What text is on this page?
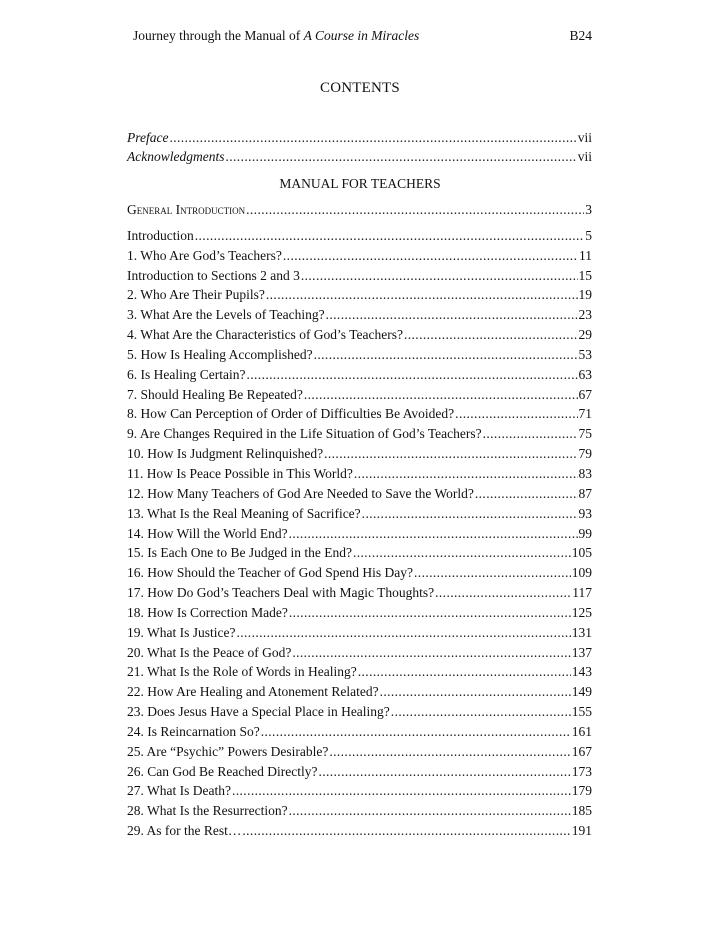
Journey through the Manual of A Course in Miracles	B24
CONTENTS
Preface .....	vii
Acknowledgments .....	vii
MANUAL FOR TEACHERS
General Introduction .....	3
Introduction .....	5
1. Who Are God’s Teachers? .....	11
Introduction to Sections 2 and 3 .....	15
2. Who Are Their Pupils? .....	19
3. What Are the Levels of Teaching? .....	23
4. What Are the Characteristics of God’s Teachers? .....	29
5. How Is Healing Accomplished? .....	53
6. Is Healing Certain? .....	63
7. Should Healing Be Repeated? .....	67
8. How Can Perception of Order of Difficulties Be Avoided? .....	71
9. Are Changes Required in the Life Situation of God’s Teachers? .....	75
10. How Is Judgment Relinquished? .....	79
11. How Is Peace Possible in This World? .....	83
12. How Many Teachers of God Are Needed to Save the World? .....	87
13. What Is the Real Meaning of Sacrifice? .....	93
14. How Will the World End? .....	99
15. Is Each One to Be Judged in the End? .....	105
16. How Should the Teacher of God Spend His Day? .....	109
17. How Do God’s Teachers Deal with Magic Thoughts? .....	117
18. How Is Correction Made? .....	125
19. What Is Justice? .....	131
20. What Is the Peace of God? .....	137
21. What Is the Role of Words in Healing? .....	143
22. How Are Healing and Atonement Related? .....	149
23. Does Jesus Have a Special Place in Healing? .....	155
24. Is Reincarnation So? .....	161
25. Are “Psychic” Powers Desirable? .....	167
26. Can God Be Reached Directly? .....	173
27. What Is Death? .....	179
28. What Is the Resurrection? .....	185
29. As for the Rest… .....	191
